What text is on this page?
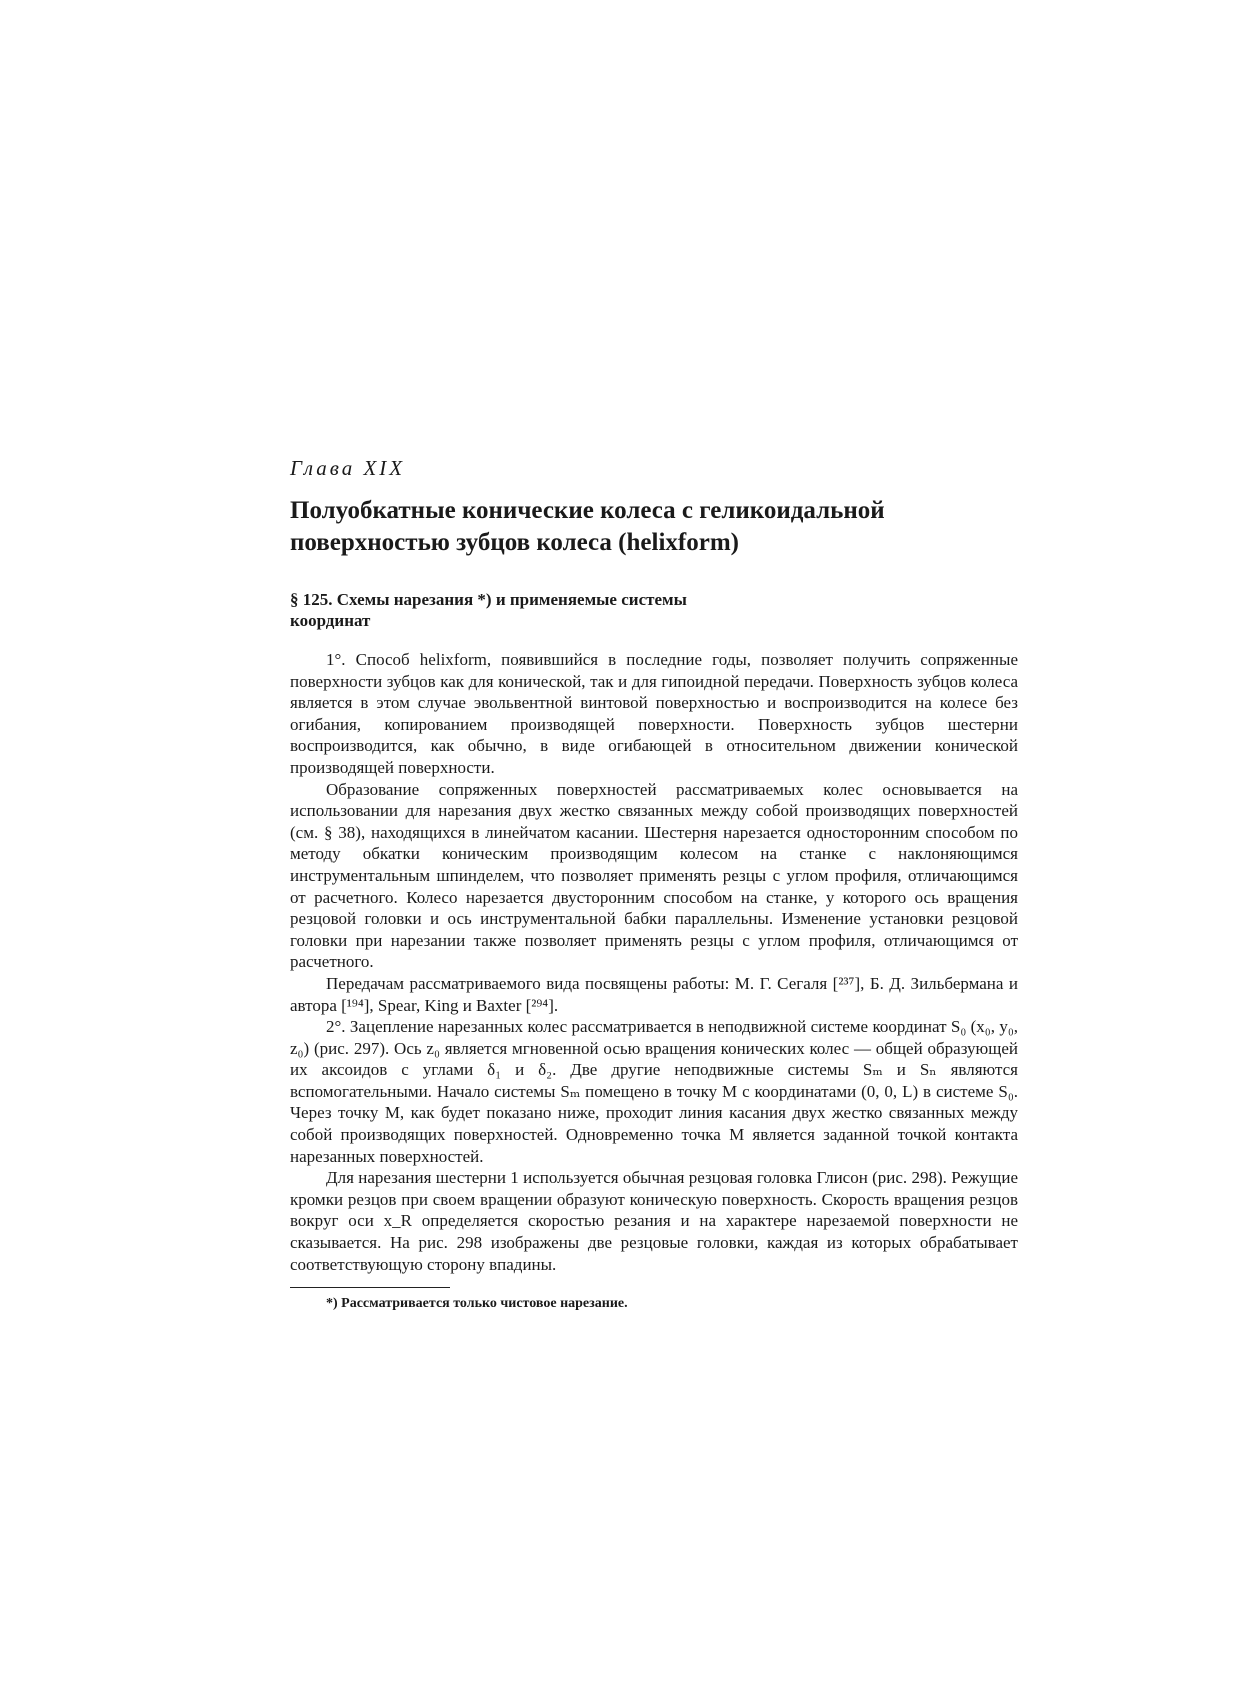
Глава XIX
Полуобкатные конические колеса с геликоидальной поверхностью зубцов колеса (helixform)
§ 125. Схемы нарезания *) и применяемые системы координат

1°. Способ helixform, появившийся в последние годы, позволяет получить сопряженные поверхности зубцов как для конической, так и для гипоидной передачи. Поверхность зубцов колеса является в этом случае эвольвентной винтовой поверхностью и воспроизводится на колесе без огибания, копированием производящей поверхности. Поверхность зубцов шестерни воспроизводится, как обычно, в виде огибающей в относительном движении конической производящей поверхности.

Образование сопряженных поверхностей рассматриваемых колес основывается на использовании для нарезания двух жестко связанных между собой производящих поверхностей (см. § 38), находящихся в линейчатом касании. Шестерня нарезается односторонним способом по методу обкатки коническим производящим колесом на станке с наклоняющимся инструментальным шпинделем, что позволяет применять резцы с углом профиля, отличающимся от расчетного. Колесо нарезается двусторонним способом на станке, у которого ось вращения резцовой головки и ось инструментальной бабки параллельны. Изменение установки резцовой головки при нарезании также позволяет применять резцы с углом профиля, отличающимся от расчетного.

Передачам рассматриваемого вида посвящены работы: М. Г. Сегаля [²³⁷], Б. Д. Зильбермана и автора [¹⁹⁴], Spear, King и Baxter [²⁹⁴].

2°. Зацепление нарезанных колес рассматривается в неподвижной системе координат S₀ (x₀, y₀, z₀) (рис. 297). Ось z₀ является мгновенной осью вращения конических колес — общей образующей их аксоидов с углами δ₁ и δ₂. Две другие неподвижные системы Sₘ и Sₙ являются вспомогательными. Начало системы Sₘ помещено в точку M с координатами (0, 0, L) в системе S₀. Через точку M, как будет показано ниже, проходит линия касания двух жестко связанных между собой производящих поверхностей. Одновременно точка M является заданной точкой контакта нарезанных поверхностей.

Для нарезания шестерни 1 используется обычная резцовая головка Глисон (рис. 298). Режущие кромки резцов при своем вращении образуют коническую поверхность. Скорость вращения резцов вокруг оси x_R определяется скоростью резания и на характере нарезаемой поверхности не сказывается. На рис. 298 изображены две резцовые головки, каждая из которых обрабатывает соответствующую сторону впадины.

*) Рассматривается только чистовое нарезание.
